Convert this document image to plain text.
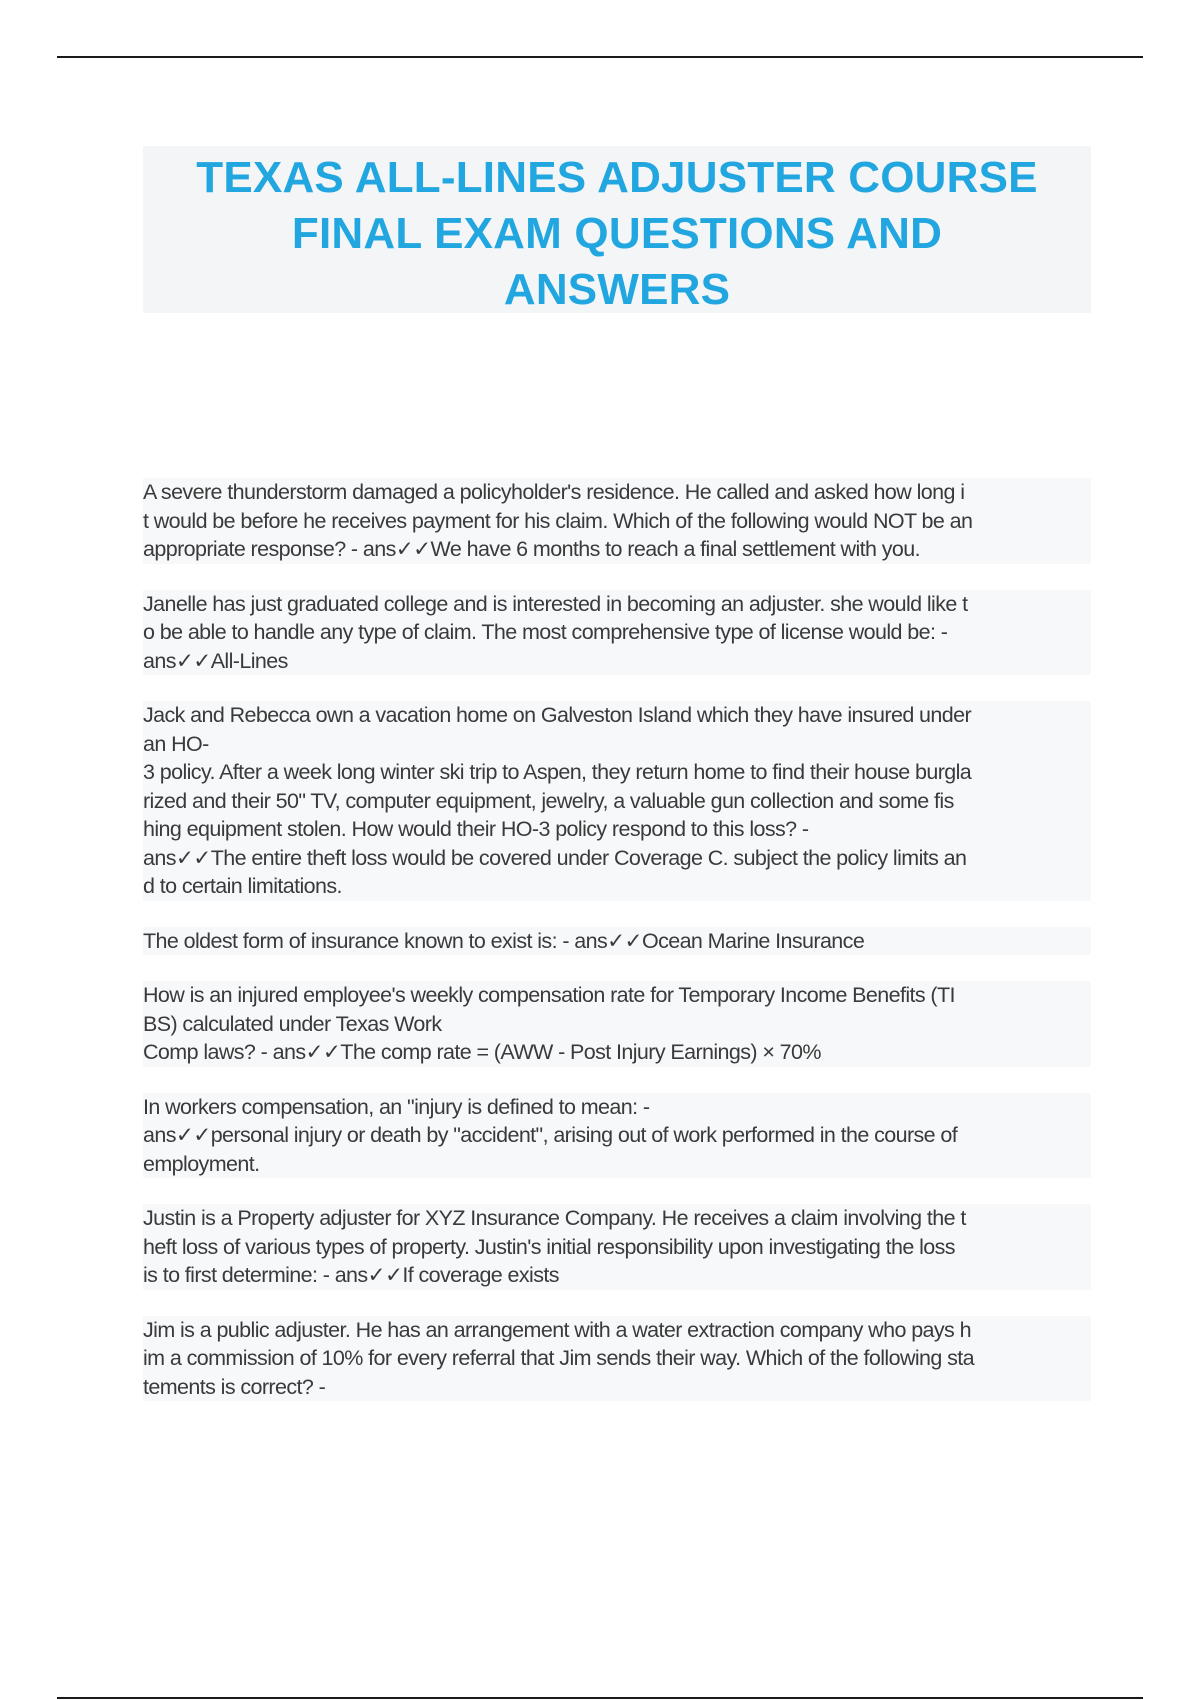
TEXAS ALL-LINES ADJUSTER COURSE
FINAL EXAM QUESTIONS AND
ANSWERS

A severe thunderstorm damaged a policyholder's residence. He called and asked how long i

t would be before he receives payment for his claim. Which of the following would NOT be an

appropriate response? - ans✓✓We have 6 months to reach a final settlement with you.

Janelle has just graduated college and is interested in becoming an adjuster. she would like t

o be able to handle any type of claim. The most comprehensive type of license would be: -

ans✓✓All-Lines

Jack and Rebecca own a vacation home on Galveston Island which they have insured under

an HO-

3 policy. After a week long winter ski trip to Aspen, they return home to find their house burgla

rized and their 50" TV, computer equipment, jewelry, a valuable gun collection and some fis

hing equipment stolen. How would their HO-3 policy respond to this loss? -

ans✓✓The entire theft loss would be covered under Coverage C. subject the policy limits an

d to certain limitations.

The oldest form of insurance known to exist is: - ans✓✓Ocean Marine Insurance

How is an injured employee's weekly compensation rate for Temporary Income Benefits (TI

BS) calculated under Texas Work

Comp laws? - ans✓✓The comp rate = (AWW - Post Injury Earnings) × 70%

In workers compensation, an "injury is defined to mean: -

ans✓✓personal injury or death by "accident", arising out of work performed in the course of

employment.

Justin is a Property adjuster for XYZ Insurance Company. He receives a claim involving the t

heft loss of various types of property. Justin's initial responsibility upon investigating the loss

is to first determine: - ans✓✓If coverage exists

Jim is a public adjuster. He has an arrangement with a water extraction company who pays h

im a commission of 10% for every referral that Jim sends their way. Which of the following sta

tements is correct? -
